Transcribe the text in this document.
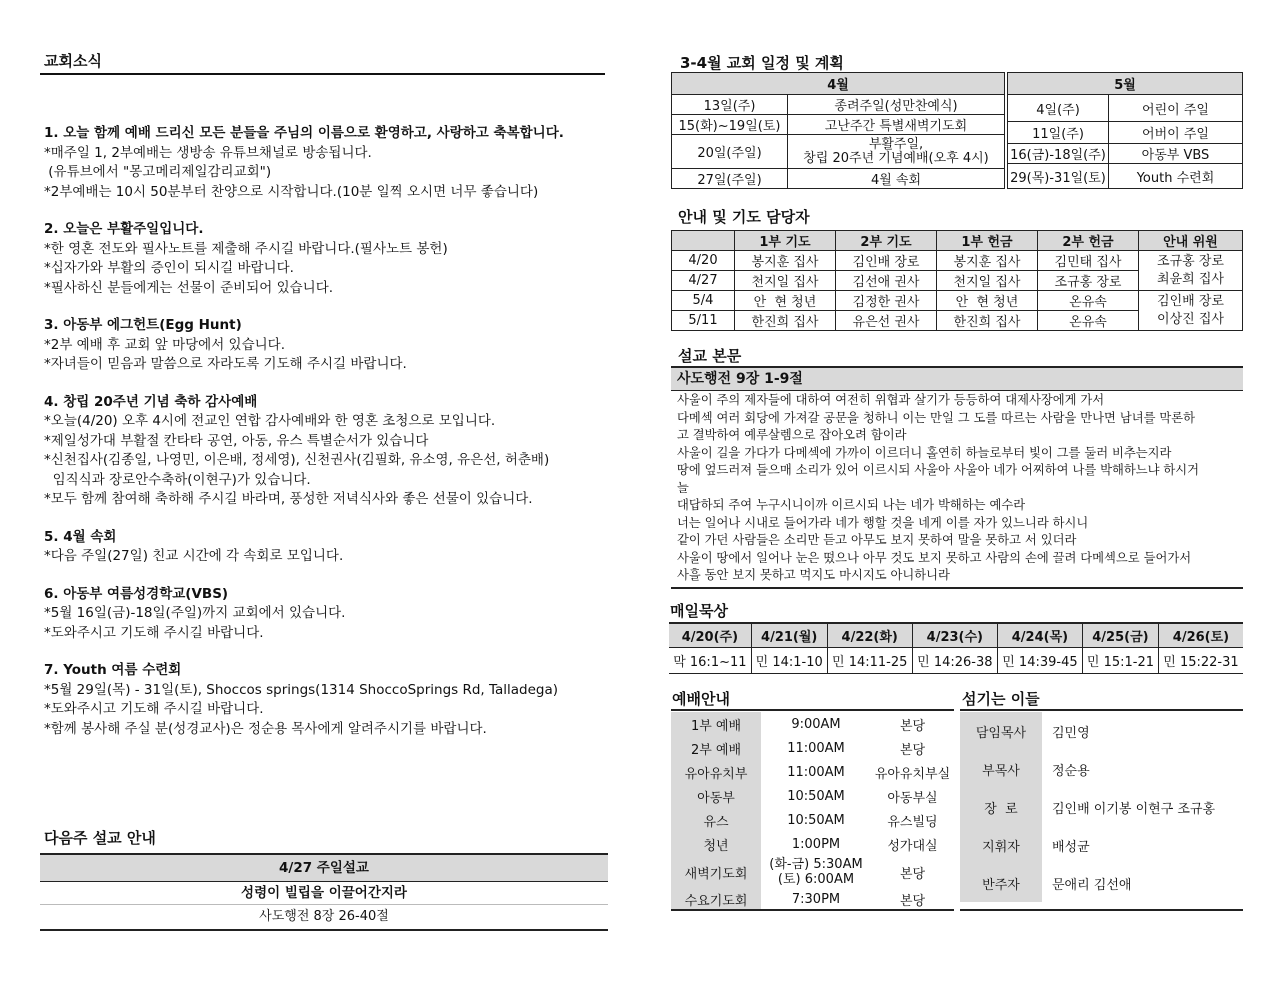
교회소식
1. 오늘 함께 예배 드리신 모든 분들을 주님의 이름으로 환영하고, 사랑하고 축복합니다.
*매주일 1, 2부예배는 생방송 유튜브채널로 방송됩니다.
(유튜브에서 "몽고메리제일감리교회")
*2부예배는 10시 50분부터 찬양으로 시작합니다.(10분 일찍 오시면 너무 좋습니다)
2. 오늘은 부활주일입니다.
*한 영혼 전도와 필사노트를 제출해 주시길 바랍니다.(필사노트 봉헌)
*십자가와 부활의 증인이 되시길 바랍니다.
*필사하신 분들에게는 선물이 준비되어 있습니다.
3. 아동부 에그헌트(Egg Hunt)
*2부 예배 후 교회 앞 마당에서 있습니다.
*자녀들이 믿음과 말씀으로 자라도록 기도해 주시길 바랍니다.
4. 창립 20주년 기념 축하 감사예배
*오늘(4/20) 오후 4시에 전교인 연합 감사예배와 한 영혼 초청으로 모입니다.
*제일성가대 부활절 칸타타 공연, 아동, 유스 특별순서가 있습니다
*신천집사(김종일, 나영민, 이은배, 정세영), 신천권사(김필화, 유소영, 유은선, 허춘배)
임직식과 장로안수축하(이현구)가 있습니다.
*모두 함께 참여해 축하해 주시길 바라며, 풍성한 저녁식사와 좋은 선물이 있습니다.
5. 4월 속회
*다음 주일(27일) 친교 시간에 각 속회로 모입니다.
6. 아동부 여름성경학교(VBS)
*5월 16일(금)-18일(주일)까지 교회에서 있습니다.
*도와주시고 기도해 주시길 바랍니다.
7. Youth 여름 수련회
*5월 29일(목) - 31일(토), Shoccos springs(1314 ShoccoSprings Rd, Talladega)
*도와주시고 기도해 주시길 바랍니다.
*함께 봉사해 주실 분(성경교사)은 정순용 목사에게 알려주시기를 바랍니다.
다음주 설교 안내
4/27 주일설교
성령이 빌립을 이끌어간지라
사도행전 8장 26-40절
3-4월 교회 일정 및 계획
4월	
13일(주)	종려주일(성만찬예식)
15(화)~19일(토)	고난주간 특별새벽기도회
20일(주일)	부활주일,
창립 20주년 기념예배(오후 4시)

27일(주일)	4월 속회
5월	
4일(주)	어린이 주일
11일(주)	어버이 주일
16(금)-18일(주)	아동부 VBS
29(목)-31일(토)	Youth 수련회
안내 및 기도 담당자
	1부 기도	2부 기도	1부 헌금	2부 헌금	안내 위원
4/20	봉지훈 집사	김인배 장로	봉지훈 집사	김민태 집사	조규홍 장로
최윤희 집사

4/27	천지일 집사	김선애 권사	천지일 집사	조규홍 장로	
5/4	안  현 청년	김정한 권사	안  현 청년	온유속	김인배 장로
이상진 집사

5/11	한진희 집사	유은선 권사	한진희 집사	온유속	
설교 본문
사도행전 9장 1-9절
사울이 주의 제자들에 대하여 여전히 위협과 살기가 등등하여 대제사장에게 가서
다메섹 여러 회당에 가져갈 공문을 청하니 이는 만일 그 도를 따르는 사람을 만나면 남녀를 막론하
고 결박하여 예루살렘으로 잡아오려 함이라
사울이 길을 가다가 다메섹에 가까이 이르더니 홀연히 하늘로부터 빛이 그를 둘러 비추는지라
땅에 엎드러져 들으매 소리가 있어 이르시되 사울아 사울아 네가 어찌하여 나를 박해하느냐 하시거
늘
대답하되 주여 누구시니이까 이르시되 나는 네가 박해하는 예수라
너는 일어나 시내로 들어가라 네가 행할 것을 네게 이를 자가 있느니라 하시니
같이 가던 사람들은 소리만 듣고 아무도 보지 못하여 말을 못하고 서 있더라
사울이 땅에서 일어나 눈은 떴으나 아무 것도 보지 못하고 사람의 손에 끌려 다메섹으로 들어가서
사흘 동안 보지 못하고 먹지도 마시지도 아니하니라
매일묵상
4/20(주)	4/21(월)	4/22(화)	4/23(수)	4/24(목)	4/25(금)	4/26(토)
막 16:1~11	민 14:1-10	민 14:11-25	민 14:26-38	민 14:39-45	민 15:1-21	민 15:22-31
예배안내
1부 예배	9:00AM	본당
2부 예배	11:00AM	본당
유아유치부	11:00AM	유아유치부실
아동부	10:50AM	아동부실
유스	10:50AM	유스빌딩
청년	1:00PM	성가대실
새벽기도회	(화-금) 5:30AM
(토) 6:00AM	본당
수요기도회	7:30PM	본당
섬기는 이들
담임목사	김민영
부목사	정순용
장  로	김인배 이기봉 이현구 조규홍
지휘자	배성균
반주자	문애리 김선애
